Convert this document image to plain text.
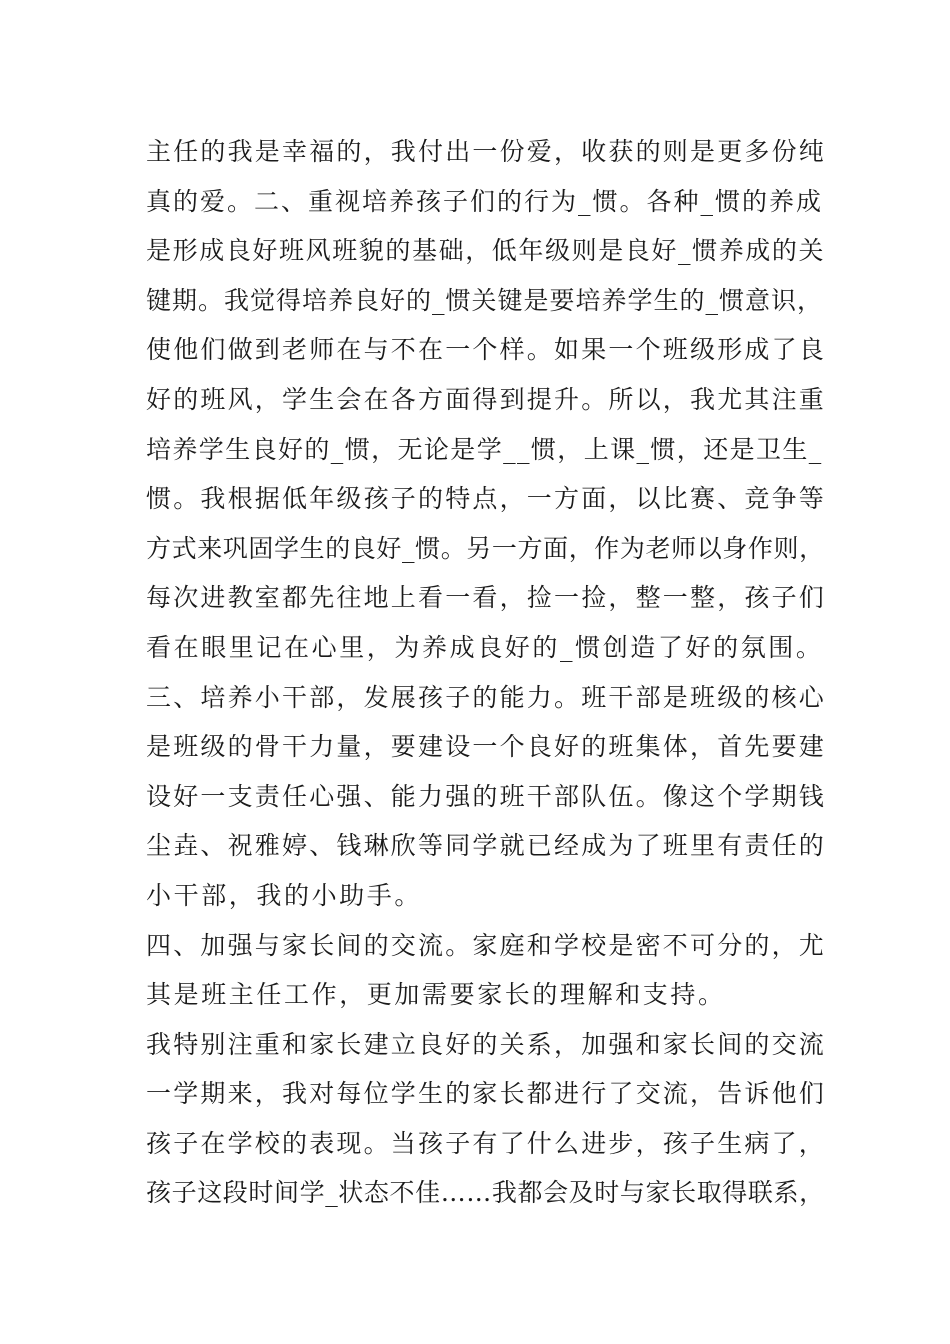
主任的我是幸福的，我付出一份爱，收获的则是更多份纯
真的爱。二、重视培养孩子们的行为_惯。各种_惯的养成
是形成良好班风班貌的基础，低年级则是良好_惯养成的关
键期。我觉得培养良好的_惯关键是要培养学生的_惯意识，
使他们做到老师在与不在一个样。如果一个班级形成了良
好的班风，学生会在各方面得到提升。所以，我尤其注重
培养学生良好的_惯，无论是学__惯，上课_惯，还是卫生_
惯。我根据低年级孩子的特点，一方面，以比赛、竞争等
方式来巩固学生的良好_惯。另一方面，作为老师以身作则，
每次进教室都先往地上看一看，捡一捡，整一整，孩子们
看在眼里记在心里，为养成良好的_惯创造了好的氛围。
三、培养小干部，发展孩子的能力。班干部是班级的核心
是班级的骨干力量，要建设一个良好的班集体，首先要建
设好一支责任心强、能力强的班干部队伍。像这个学期钱
尘垚、祝雅婷、钱琳欣等同学就已经成为了班里有责任的
小干部，我的小助手。
四、加强与家长间的交流。家庭和学校是密不可分的，尤
其是班主任工作，更加需要家长的理解和支持。
我特别注重和家长建立良好的关系，加强和家长间的交流
一学期来，我对每位学生的家长都进行了交流，告诉他们
孩子在学校的表现。当孩子有了什么进步，孩子生病了，
孩子这段时间学_状态不佳……我都会及时与家长取得联系，
